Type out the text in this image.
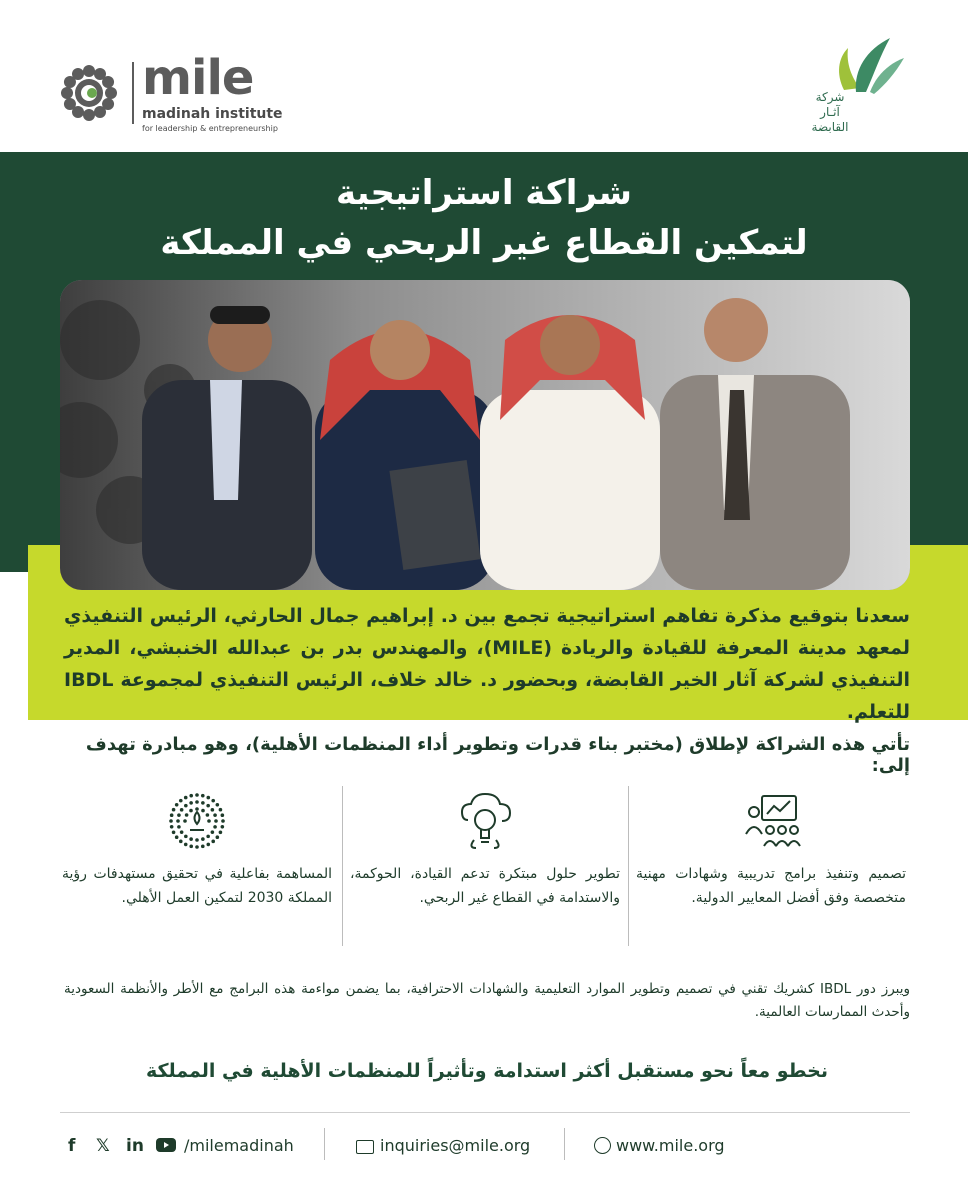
mile
madinah institute
for leadership & entrepreneurship
شركة
آثـار
القابضة
شراكة استراتيجية
لتمكين القطاع غير الربحي في المملكة
سعدنا بتوقيع مذكرة تفاهم استراتيجية تجمع بين د. إبراهيم جمال الحارثي، الرئيس التنفيذي لمعهد مدينة المعرفة للقيادة والريادة (MILE)، والمهندس بدر بن عبدالله الخنبشي، المدير التنفيذي لشركة آثار الخير القابضة، وبحضور د. خالد خلاف، الرئيس التنفيذي لمجموعة IBDL للتعلم.
تأتي هذه الشراكة لإطلاق (مختبر بناء قدرات وتطوير أداء المنظمات الأهلية)، وهو مبادرة تهدف إلى:
تصميم وتنفيذ برامج تدريبية وشهادات مهنية متخصصة وفق أفضل المعايير الدولية.
تطوير حلول مبتكرة تدعم القيادة، الحوكمة، والاستدامة في القطاع غير الربحي.
المساهمة بفاعلية في تحقيق مستهدفات رؤية المملكة 2030 لتمكين العمل الأهلي.
ويبرز دور IBDL كشريك تقني في تصميم وتطوير الموارد التعليمية والشهادات الاحترافية، بما يضمن مواءمة هذه البرامج مع الأطر والأنظمة السعودية وأحدث الممارسات العالمية.
نخطو معاً نحو مستقبل أكثر استدامة وتأثيراً للمنظمات الأهلية في المملكة
f 𝕏 in	/milemadinah	inquiries@mile.org	www.mile.org
